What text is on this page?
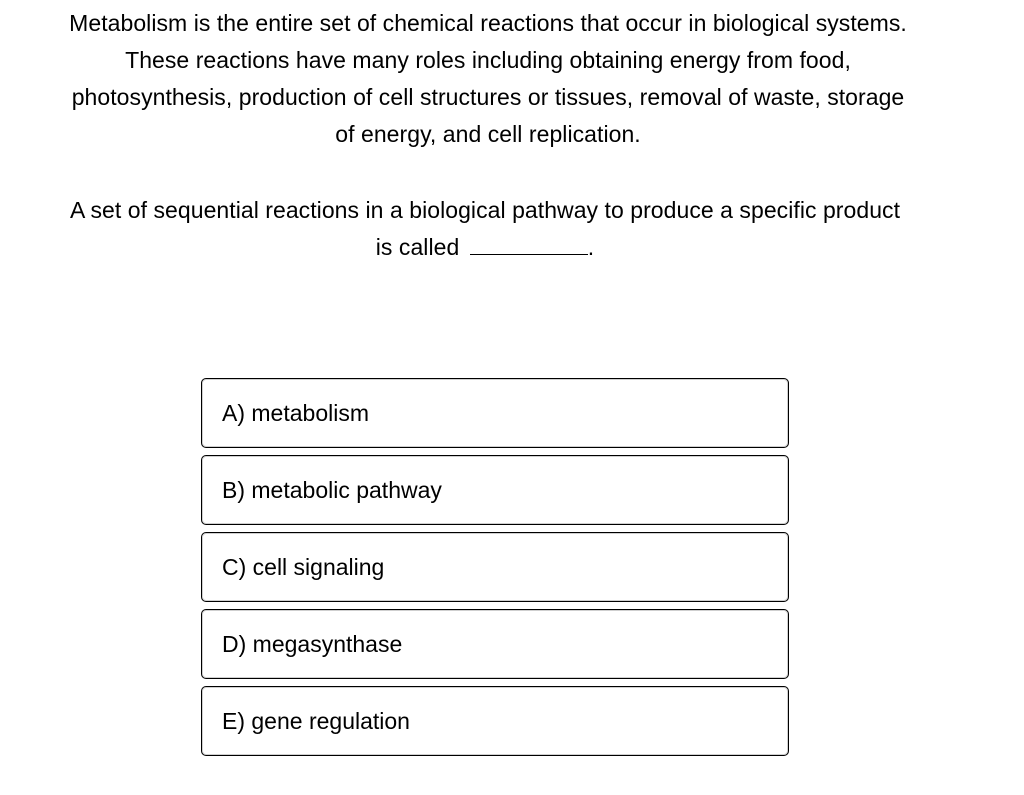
Metabolism is the entire set of chemical reactions that occur in biological systems.
These reactions have many roles including obtaining energy from food,
photosynthesis, production of cell structures or tissues, removal of waste, storage
of energy, and cell replication.
A set of sequential reactions in a biological pathway to produce a specific product
is called	.
A) metabolism
B) metabolic pathway
C) cell signaling
D) megasynthase
E) gene regulation
